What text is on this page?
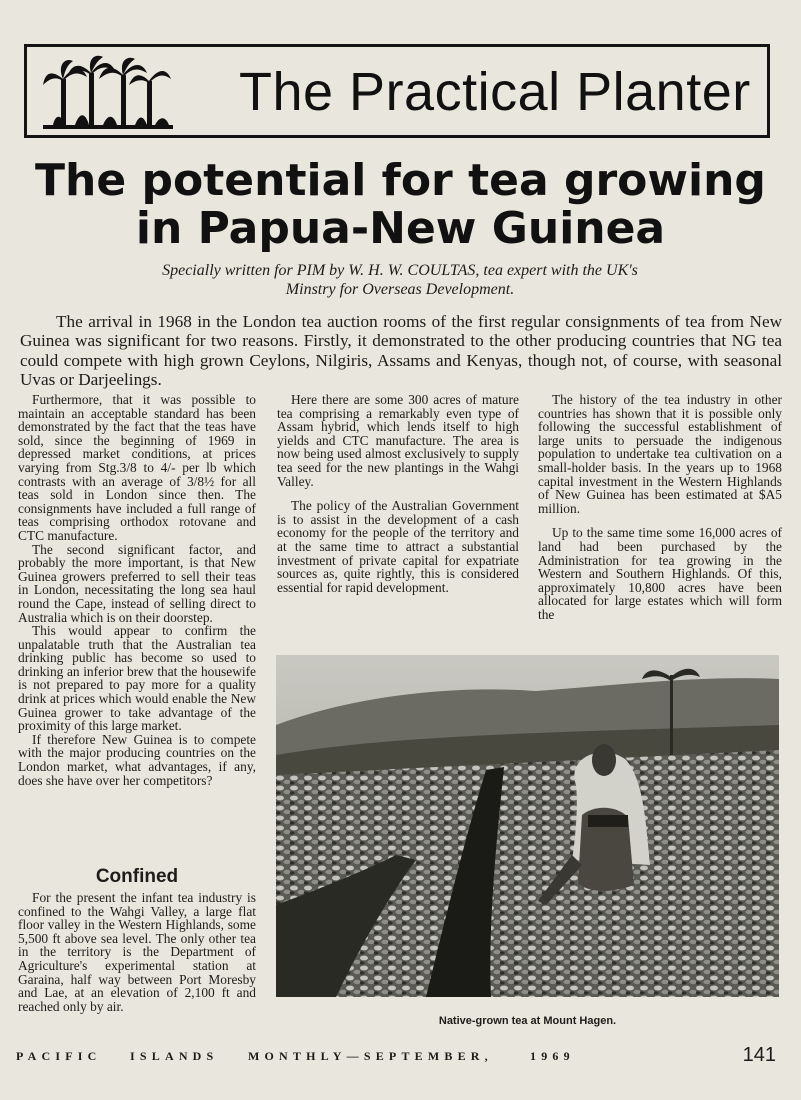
The Practical Planter
The potential for tea growing
in Papua-New Guinea
Specially written for PIM by W. H. W. COULTAS, tea expert with the UK's
Minstry for Overseas Development.

The arrival in 1968 in the London tea auction rooms of the first regular consignments of tea from New Guinea was significant for two reasons. Firstly, it demonstrated to the other producing countries that NG tea could compete with high grown Ceylons, Nilgiris, Assams and Kenyas, though not, of course, with seasonal Uvas or Darjeelings.

Furthermore, that it was possible to maintain an acceptable standard has been demonstrated by the fact that the teas have sold, since the beginning of 1969 in depressed market conditions, at prices varying from Stg.3/8 to 4/- per lb which contrasts with an average of 3/8½ for all teas sold in London since then. The consignments have included a full range of teas comprising orthodox rotovane and CTC manufacture.

The second significant factor, and probably the more important, is that New Guinea growers preferred to sell their teas in London, necessitating the long sea haul round the Cape, instead of selling direct to Australia which is on their doorstep.

This would appear to confirm the unpalatable truth that the Australian tea drinking public has become so used to drinking an inferior brew that the housewife is not prepared to pay more for a quality drink at prices which would enable the New Guinea grower to take advantage of the proximity of this large market.

If therefore New Guinea is to compete with the major producing countries on the London market, what advantages, if any, does she have over her competitors?

Confined

For the present the infant tea industry is confined to the Wahgi Valley, a large flat floor valley in the Western Highlands, some 5,500 ft above sea level. The only other tea in the territory is the Department of Agriculture's experimental station at Garaina, half way between Port Moresby and Lae, at an elevation of 2,100 ft and reached only by air.

Here there are some 300 acres of mature tea comprising a remarkably even type of Assam hybrid, which lends itself to high yields and CTC manufacture. The area is now being used almost exclusively to supply tea seed for the new plantings in the Wahgi Valley.

The policy of the Australian Government is to assist in the development of a cash economy for the people of the territory and at the same time to attract a substantial investment of private capital for expatriate sources as, quite rightly, this is considered essential for rapid development.

The history of the tea industry in other countries has shown that it is possible only following the successful establishment of large units to persuade the indigenous population to undertake tea cultivation on a small-holder basis. In the years up to 1968 capital investment in the Western Highlands of New Guinea has been estimated at $A5 million.

Up to the same time some 16,000 acres of land had been purchased by the Administration for tea growing in the Western and Southern Highlands. Of this, approximately 10,800 acres have been allocated for large estates which will form the

Native-grown tea at Mount Hagen.
PACIFIC ISLANDS MONTHLY—SEPTEMBER,	1969	141
